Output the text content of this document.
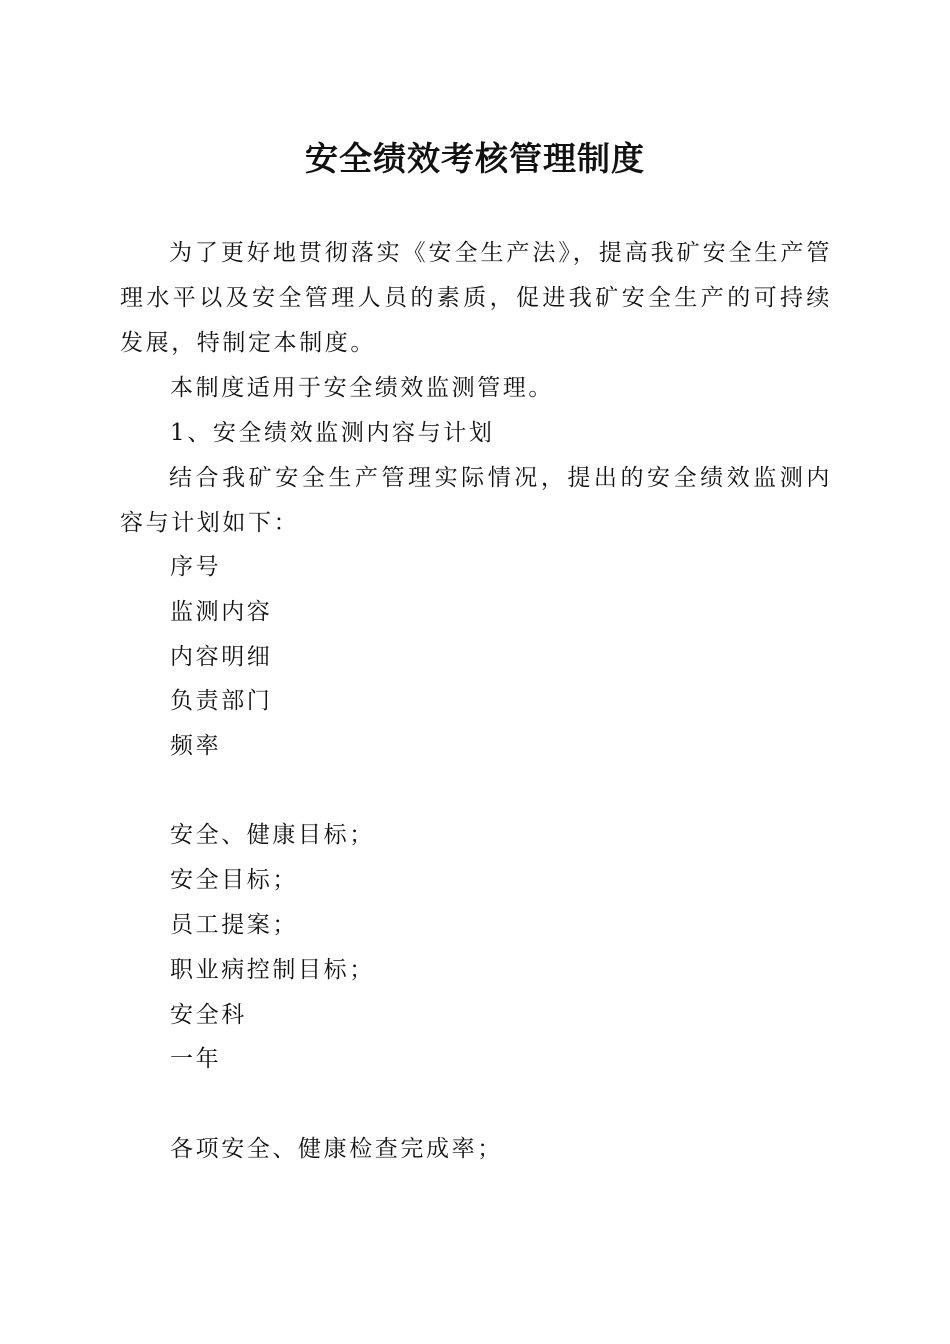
安全绩效考核管理制度

为了更好地贯彻落实《安全生产法》，提高我矿安全生产管理水平以及安全管理人员的素质，促进我矿安全生产的可持续发展，特制定本制度。

本制度适用于安全绩效监测管理。

1、安全绩效监测内容与计划

结合我矿安全生产管理实际情况，提出的安全绩效监测内容与计划如下：

序号

监测内容

内容明细

负责部门

频率

安全、健康目标；

安全目标；

员工提案；

职业病控制目标；

安全科

一年

各项安全、健康检查完成率；
